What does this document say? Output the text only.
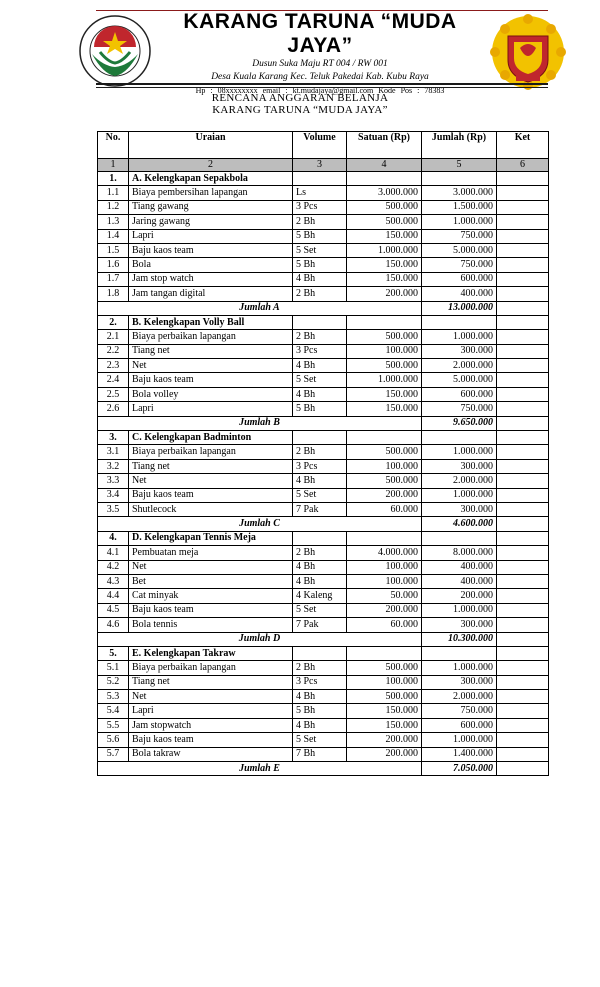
KARANG TARUNA “MUDA JAYA”
Dusun Suka Maju RT 004 / RW 001
Desa Kuala Karang Kec. Teluk Pakedai Kab. Kubu Raya
Hp : 08xxxxxxxx email : kt.mudajaya@gmail.com Kode Pos : 78383
RENCANA ANGGARAN BELANJA
KARANG TARUNA “MUDA JAYA”
No.	Uraian	Volume	Satuan (Rp)	Jumlah (Rp)	Ket
1	2	3	4	5	6
1.	A. Kelengkapan Sepakbola				
1.1	Biaya pembersihan lapangan	Ls	3.000.000	3.000.000	
1.2	Tiang gawang	3 Pcs	500.000	1.500.000	
1.3	Jaring gawang	2 Bh	500.000	1.000.000	
1.4	Lapri	5 Bh	150.000	750.000	
1.5	Baju kaos team	5 Set	1.000.000	5.000.000	
1.6	Bola	5 Bh	150.000	750.000	
1.7	Jam stop watch	4 Bh	150.000	600.000	
1.8	Jam tangan digital	2 Bh	200.000	400.000	
Jumlah A				13.000.000	
2.	B. Kelengkapan Volly Ball				
2.1	Biaya perbaikan lapangan	2 Bh	500.000	1.000.000	
2.2	Tiang net	3 Pcs	100.000	300.000	
2.3	Net	4 Bh	500.000	2.000.000	
2.4	Baju kaos team	5 Set	1.000.000	5.000.000	
2.5	Bola volley	4 Bh	150.000	600.000	
2.6	Lapri	5 Bh	150.000	750.000	
Jumlah B				9.650.000	
3.	C. Kelengkapan Badminton				
3.1	Biaya perbaikan lapangan	2 Bh	500.000	1.000.000	
3.2	Tiang net	3 Pcs	100.000	300.000	
3.3	Net	4 Bh	500.000	2.000.000	
3.4	Baju kaos team	5 Set	200.000	1.000.000	
3.5	Shutlecock	7 Pak	60.000	300.000	
Jumlah C				4.600.000	
4.	D. Kelengkapan Tennis Meja				
4.1	Pembuatan meja	2 Bh	4.000.000	8.000.000	
4.2	Net	4 Bh	100.000	400.000	
4.3	Bet	4 Bh	100.000	400.000	
4.4	Cat minyak	4 Kaleng	50.000	200.000	
4.5	Baju kaos team	5 Set	200.000	1.000.000	
4.6	Bola tennis	7 Pak	60.000	300.000	
Jumlah D				10.300.000	
5.	E. Kelengkapan Takraw				
5.1	Biaya perbaikan lapangan	2 Bh	500.000	1.000.000	
5.2	Tiang net	3 Pcs	100.000	300.000	
5.3	Net	4 Bh	500.000	2.000.000	
5.4	Lapri	5 Bh	150.000	750.000	
5.5	Jam stopwatch	4 Bh	150.000	600.000	
5.6	Baju kaos team	5 Set	200.000	1.000.000	
5.7	Bola takraw	7 Bh	200.000	1.400.000	
Jumlah E				7.050.000	
